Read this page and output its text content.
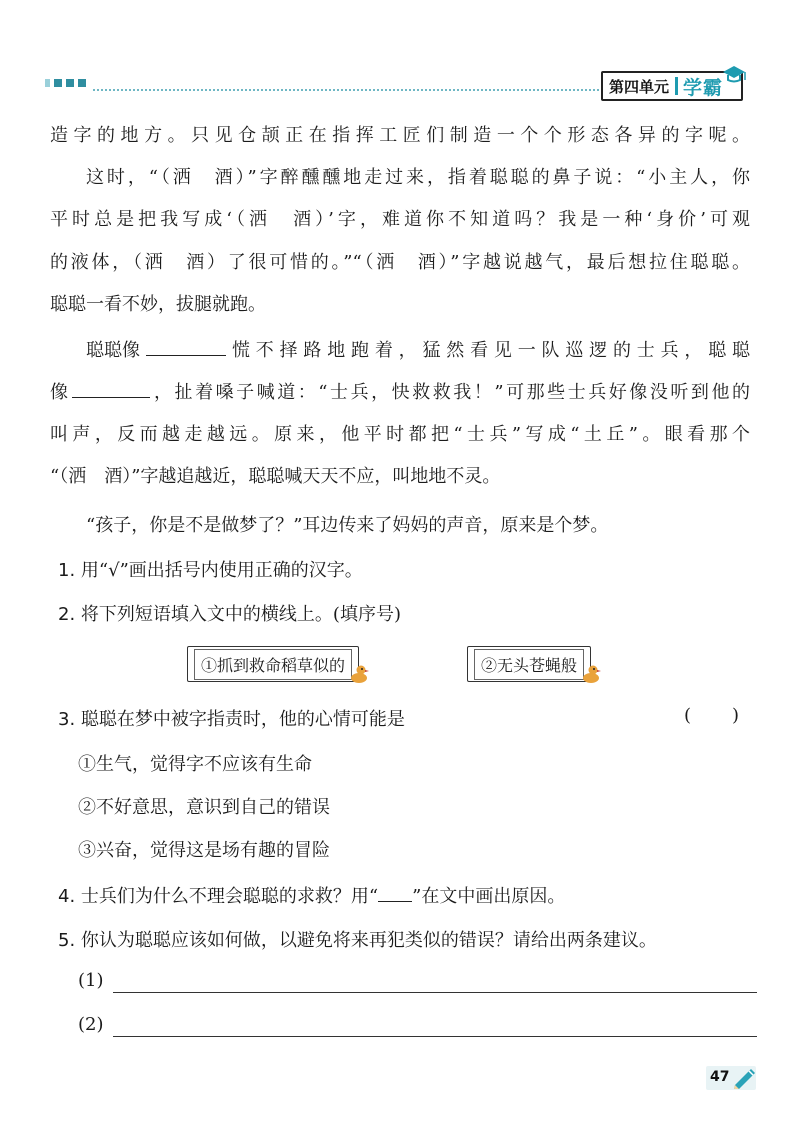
第四单元 学霸
造字的地方。只见仓颉正在指挥工匠们制造一个个形态各异的字呢。
这时，“（洒　酒）”字醉醺醺地走过来，指着聪聪的鼻子说：“小主人，你
平时总是把我写成‘（洒　酒）’字，难道你不知道吗？我是一种‘身价’可观
的液体，（洒　酒）了很可惜的。”“（洒　酒）”字越说越气，最后想拉住聪聪。
聪聪一看不妙，拔腿就跑。
聪聪像	慌不择路地跑着，猛然看见一队巡逻的士兵，聪聪
像	，扯着嗓子喊道：“士兵，快救救我！”可那些士兵好像没听到他的
叫声，反而越走越远。原来，他平时都把“士兵”写成“土丘”。眼看那个
“（洒　酒）”字越追越近，聪聪喊天天不应，叫地地不灵。
“孩子，你是不是做梦了？”耳边传来了妈妈的声音，原来是个梦。
1. 用“√”画出括号内使用正确的汉字。
2. 将下列短语填入文中的横线上。(填序号)
①抓到救命稻草似的	②无头苍蝇般
3. 聪聪在梦中被字指责时，他的心情可能是	( )
①生气，觉得字不应该有生命
②不好意思，意识到自己的错误
③兴奋，觉得这是场有趣的冒险
4. 士兵们为什么不理会聪聪的求救？用“ ”在文中画出原因。
5. 你认为聪聪应该如何做，以避免将来再犯类似的错误？请给出两条建议。
(1)
(2)
47
